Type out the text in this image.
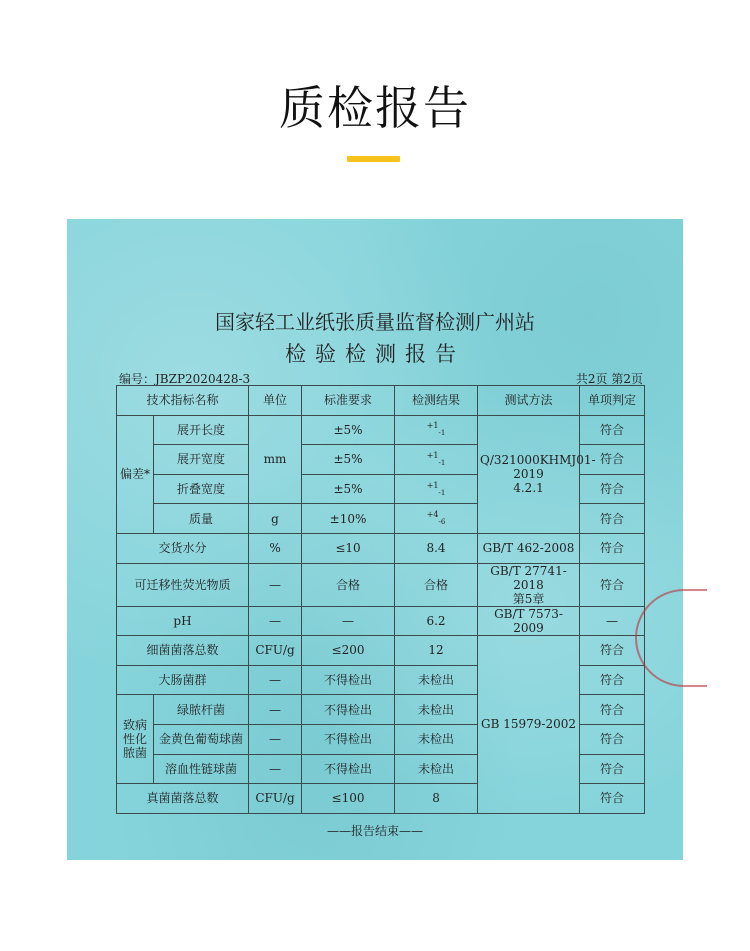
质检报告
国家轻工业纸张质量监督检测广州站
检验检测报告
编号：JBZP2020428-3	共2页 第2页
技术指标名称		单位	标准要求	检测结果	测试方法	单项判定
偏差*	展开长度	mm	±5%	$^{+1}_{-1}$	Q/321000KHMJ01-
2019
4.2.1	符合
	展开宽度		±5%	$^{+1}_{-1}$		符合
	折叠宽度		±5%	$^{+1}_{-1}$		符合
	质量	g	±10%	$^{+4}_{-6}$		符合
交货水分		%	≤10	8.4	GB/T 462-2008	符合
可迁移性荧光物质		—	合格	合格	GB/T 27741-2018
第5章	符合
pH		—	—	6.2	GB/T 7573-2009	—
细菌菌落总数		CFU/g	≤200	12	GB 15979-2002	符合
大肠菌群		—	不得检出	未检出		符合

致病
性化
脓菌	绿脓杆菌	—	不得检出	未检出		符合
	金黄色葡萄球菌	—	不得检出	未检出		符合
	溶血性链球菌	—	不得检出	未检出		符合
真菌菌落总数		CFU/g	≤100	8		符合
——报告结束——
